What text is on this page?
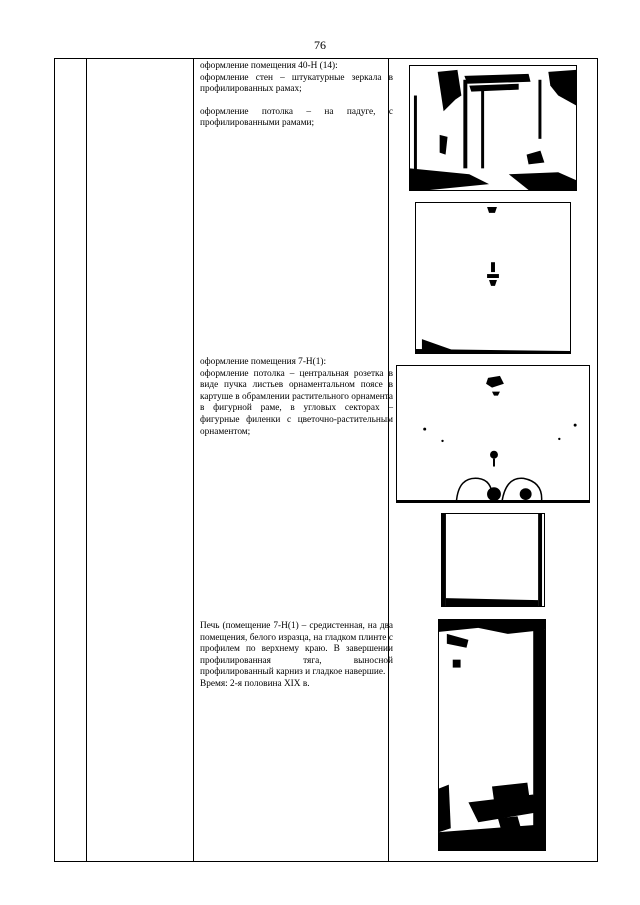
76

оформление помещения 40-Н (14):

оформление стен – штукатурные зеркала в профилированных рамах;

оформление потолка – на падуге, с профилированными рамами;

оформление помещения 7-Н(1):

оформление потолка – центральная розетка в виде пучка листьев орнаментальном поясе в картуше в обрамлении растительного орнамента в фигурной раме, в угловых секторах – фигурные филенки с цветочно-растительным орнаментом;

Печь (помещение 7-Н(1) – средистенная, на два помещения, белого изразца, на гладком плинте с профилем по верхнему краю. В завершении профилированная тяга, выносной профилированный карниз и гладкое навершие.

Время: 2-я половина XIX в.
